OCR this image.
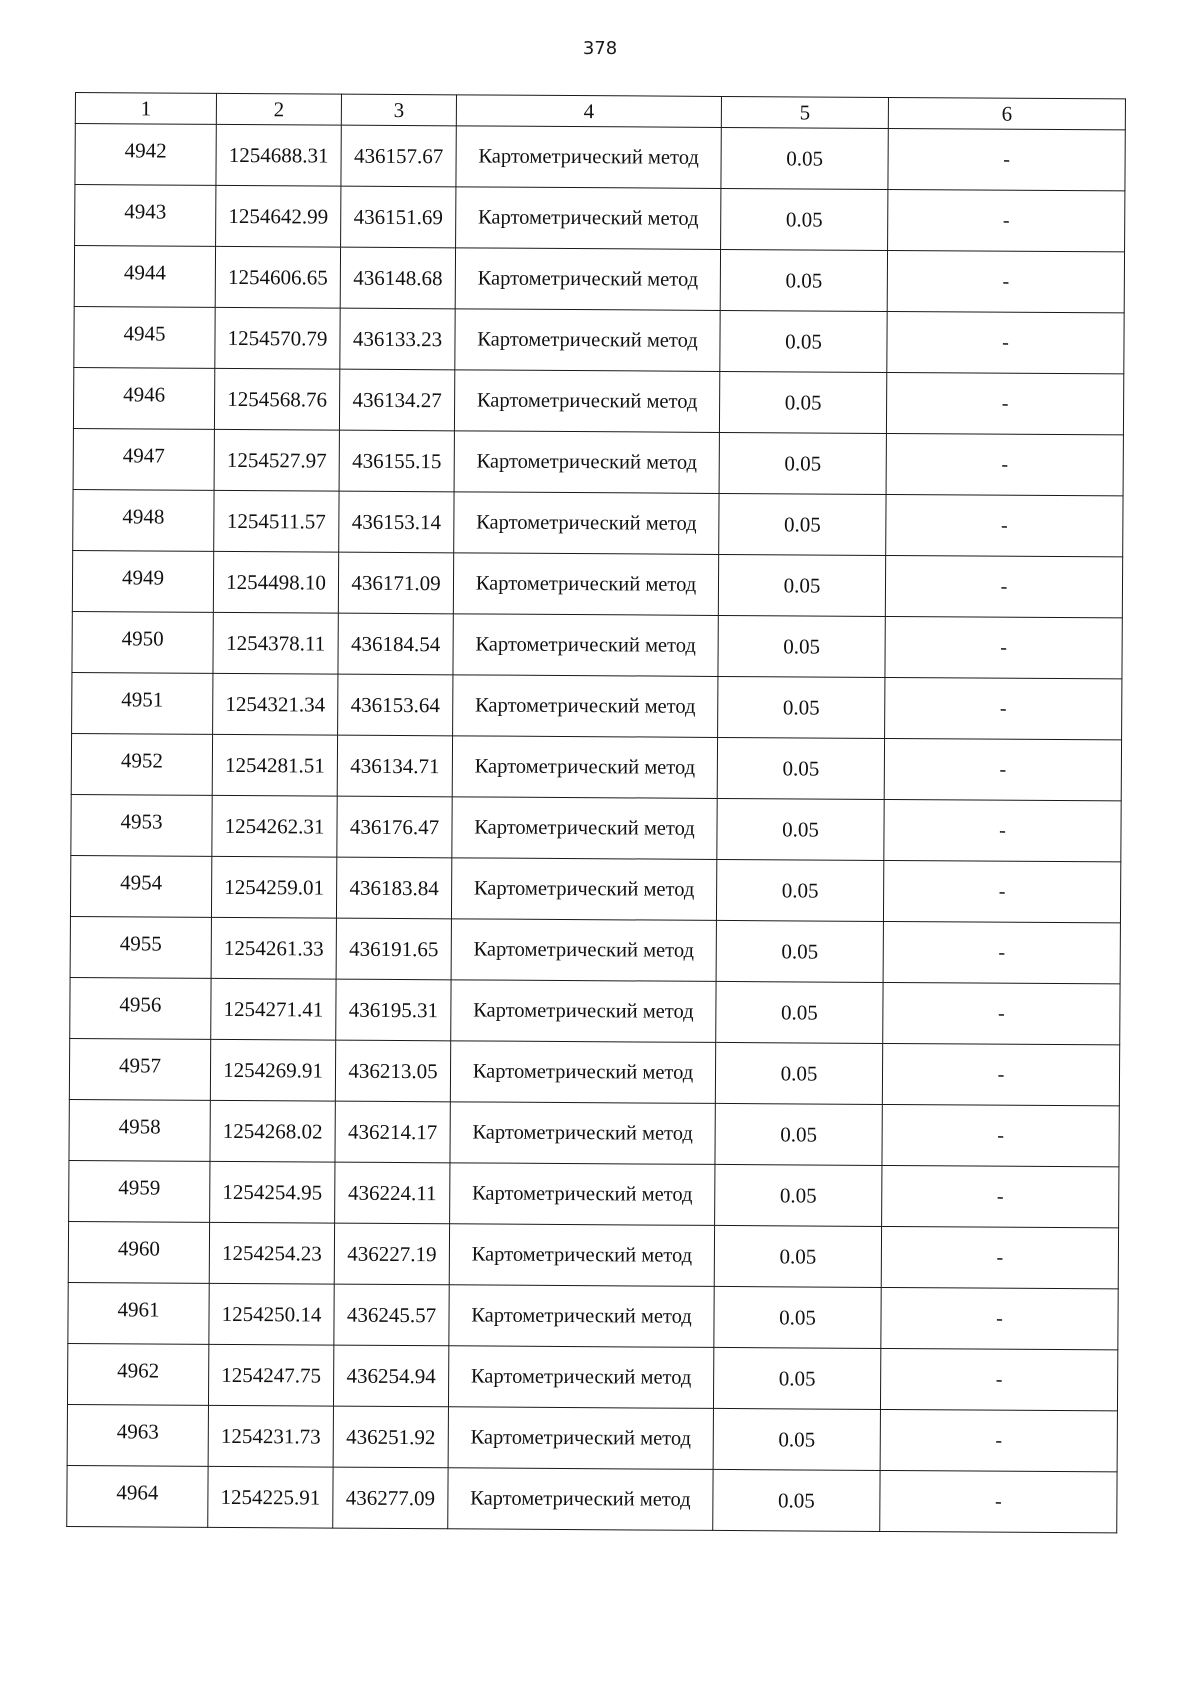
378
1	2	3	4	5	6
4942	1254688.31	436157.67	Картометрический метод	0.05	-
4943	1254642.99	436151.69	Картометрический метод	0.05	-
4944	1254606.65	436148.68	Картометрический метод	0.05	-
4945	1254570.79	436133.23	Картометрический метод	0.05	-
4946	1254568.76	436134.27	Картометрический метод	0.05	-
4947	1254527.97	436155.15	Картометрический метод	0.05	-
4948	1254511.57	436153.14	Картометрический метод	0.05	-
4949	1254498.10	436171.09	Картометрический метод	0.05	-
4950	1254378.11	436184.54	Картометрический метод	0.05	-
4951	1254321.34	436153.64	Картометрический метод	0.05	-
4952	1254281.51	436134.71	Картометрический метод	0.05	-
4953	1254262.31	436176.47	Картометрический метод	0.05	-
4954	1254259.01	436183.84	Картометрический метод	0.05	-
4955	1254261.33	436191.65	Картометрический метод	0.05	-
4956	1254271.41	436195.31	Картометрический метод	0.05	-
4957	1254269.91	436213.05	Картометрический метод	0.05	-
4958	1254268.02	436214.17	Картометрический метод	0.05	-
4959	1254254.95	436224.11	Картометрический метод	0.05	-
4960	1254254.23	436227.19	Картометрический метод	0.05	-
4961	1254250.14	436245.57	Картометрический метод	0.05	-
4962	1254247.75	436254.94	Картометрический метод	0.05	-
4963	1254231.73	436251.92	Картометрический метод	0.05	-
4964	1254225.91	436277.09	Картометрический метод	0.05	-
